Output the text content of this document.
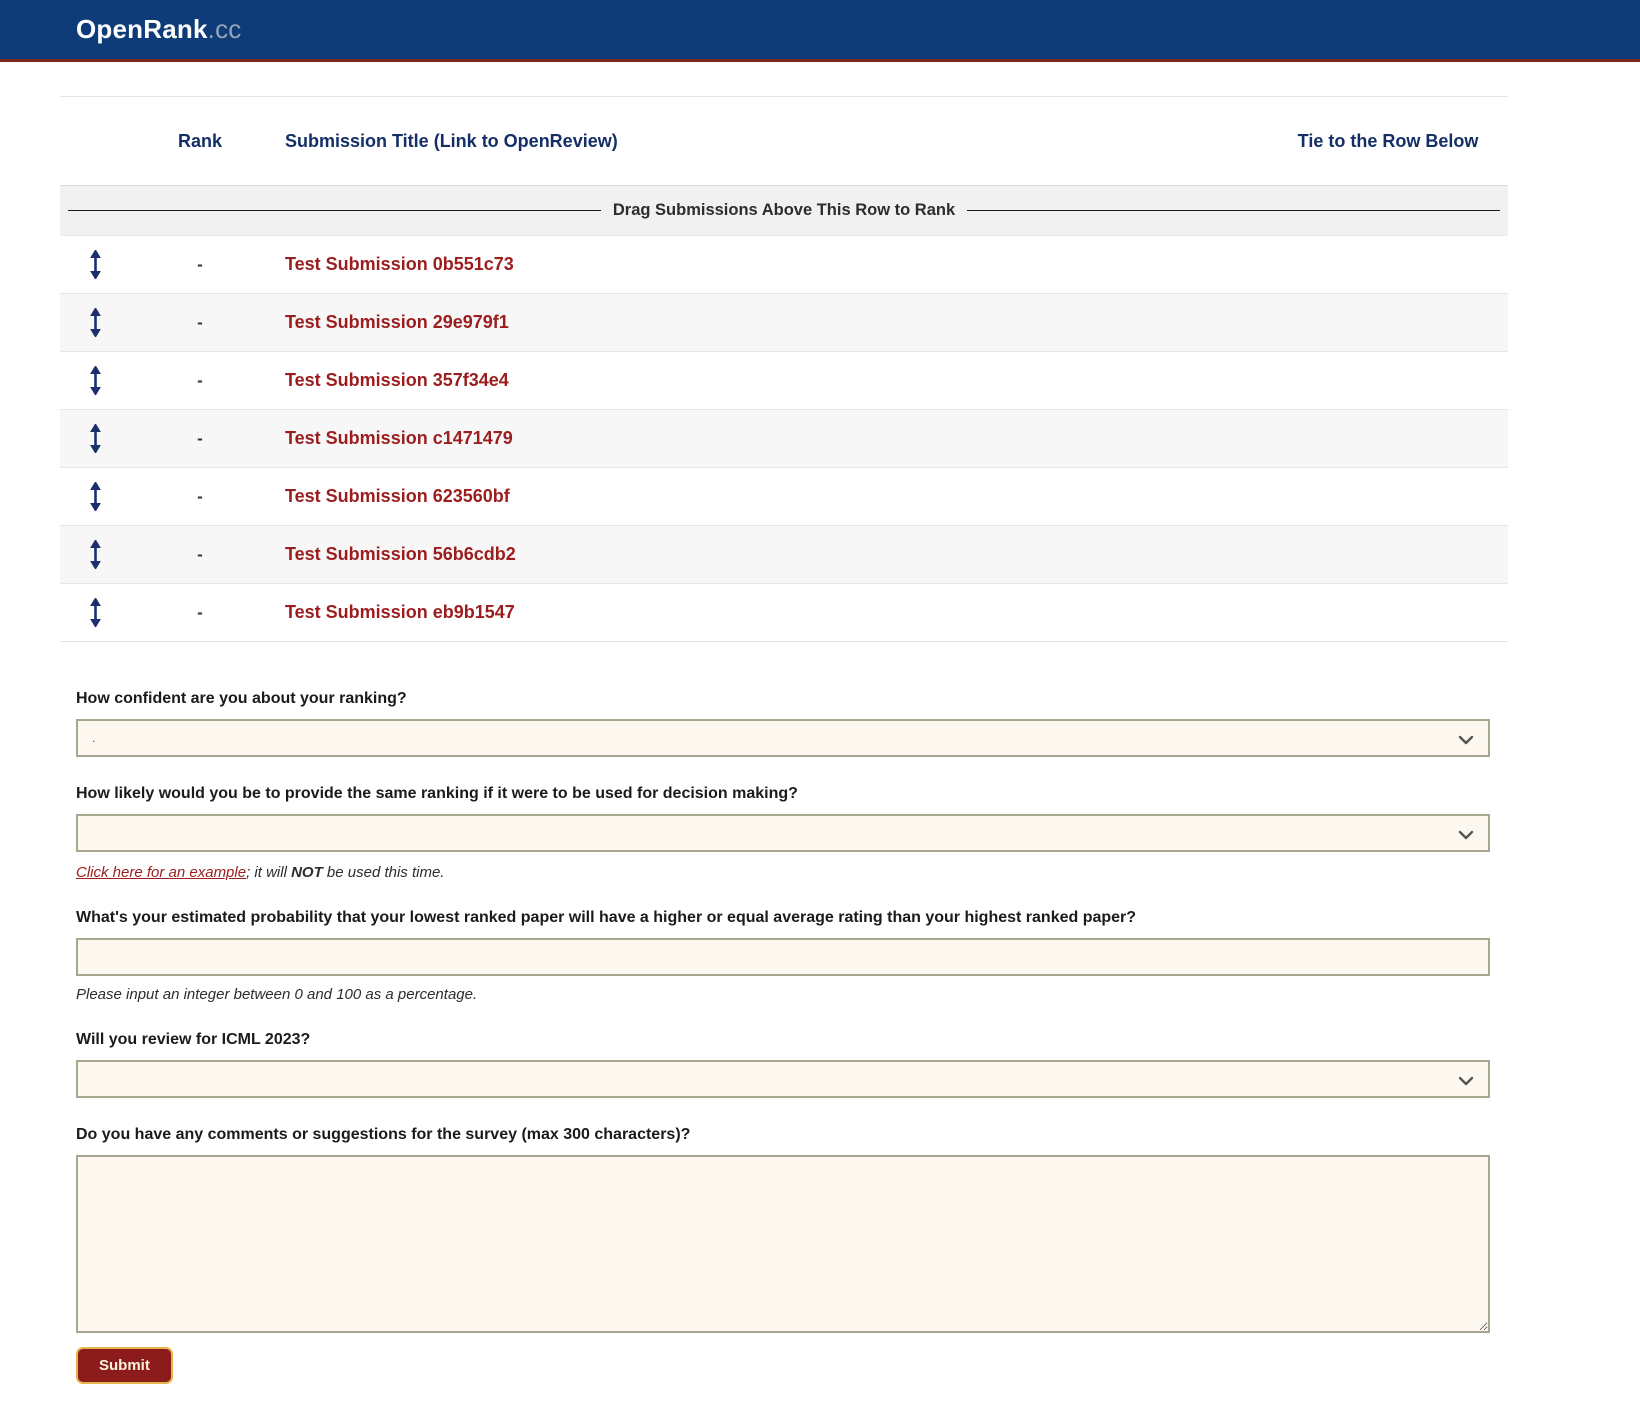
OpenRank.cc
Rank	Submission Title (Link to OpenReview)	Tie to the Row Below
Drag Submissions Above This Row to Rank
-	Test Submission 0b551c73
-	Test Submission 29e979f1
-	Test Submission 357f34e4
-	Test Submission c1471479
-	Test Submission 623560bf
-	Test Submission 56b6cdb2
-	Test Submission eb9b1547
How confident are you about your ranking?
.
How likely would you be to provide the same ranking if it were to be used for decision making?
Click here for an example; it will NOT be used this time.
What's your estimated probability that your lowest ranked paper will have a higher or equal average rating than your highest ranked paper?
Please input an integer between 0 and 100 as a percentage.
Will you review for ICML 2023?
Do you have any comments or suggestions for the survey (max 300 characters)?
Submit
